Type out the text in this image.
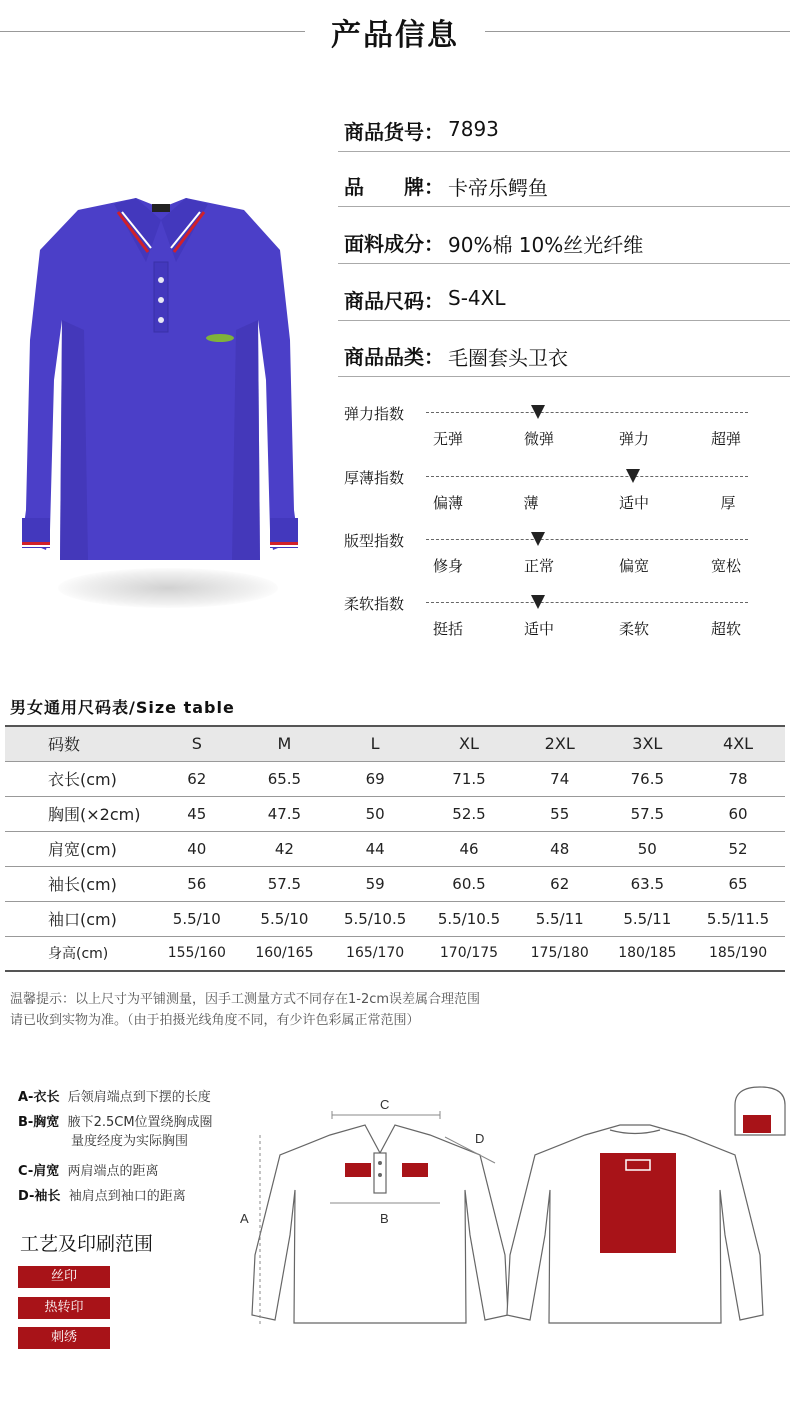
产品信息
商品货号： 7893
品　　牌： 卡帝乐鳄鱼
面料成分： 90%棉 10%丝光纤维
商品尺码： S-4XL
商品品类： 毛圈套头卫衣
弹力指数
无弹	微弹	弹力	超弹
厚薄指数
偏薄	薄	适中	厚
版型指数
修身	正常	偏宽	宽松
柔软指数
挺括	适中	柔软	超软
男女通用尺码表/Size table
码数	S	M	L	XL	2XL	3XL	4XL
衣长(cm)	62	65.5	69	71.5	74	76.5	78
胸围(×2cm)	45	47.5	50	52.5	55	57.5	60
肩宽(cm)	40	42	44	46	48	50	52
袖长(cm)	56	57.5	59	60.5	62	63.5	65
袖口(cm)	5.5/10	5.5/10	5.5/10.5	5.5/10.5	5.5/11	5.5/11	5.5/11.5
身高(cm)	155/160	160/165	165/170	170/175	175/180	180/185	185/190
温馨提示：以上尺寸为平铺测量，因手工测量方式不同存在1-2cm误差属合理范围
请已收到实物为准。（由于拍摄光线角度不同，有少许色彩属正常范围）
A-衣长 后领肩端点到下摆的长度
B-胸宽 腋下2.5CM位置绕胸成圈
量度经度为实际胸围
C-肩宽 两肩端点的距离
D-袖长 袖肩点到袖口的距离
工艺及印刷范围
丝印
热转印
刺绣
C
B
A
D
